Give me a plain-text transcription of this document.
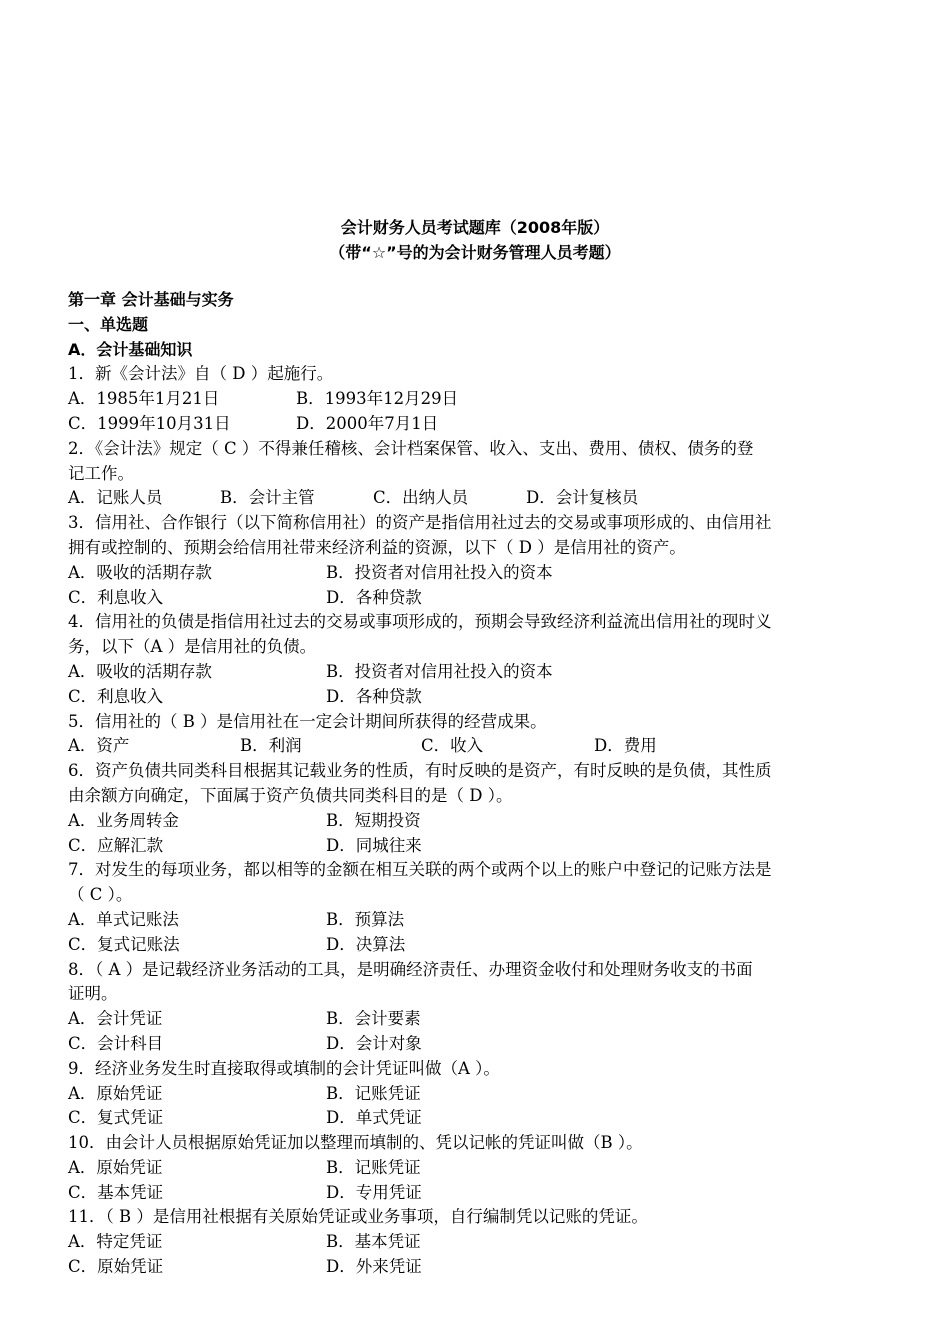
会计财务人员考试题库（2008年版）
（带“☆”号的为会计财务管理人员考题）
第一章 会计基础与实务
一、单选题
A．会计基础知识
1．新《会计法》自（ D ）起施行。
A．1985年1月21日	B．1993年12月29日
C．1999年10月31日	D．2000年7月1日
2．《会计法》规定（ C ）不得兼任稽核、会计档案保管、收入、支出、费用、债权、债务的登
记工作。
A．记账人员	B．会计主管	C．出纳人员	D．会计复核员
3．信用社、合作银行（以下简称信用社）的资产是指信用社过去的交易或事项形成的、由信用社
拥有或控制的、预期会给信用社带来经济利益的资源，以下（ D ）是信用社的资产。
A．吸收的活期存款	B．投资者对信用社投入的资本
C．利息收入	D．各种贷款
4．信用社的负债是指信用社过去的交易或事项形成的，预期会导致经济利益流出信用社的现时义
务，以下（A ）是信用社的负债。
A．吸收的活期存款	B．投资者对信用社投入的资本
C．利息收入	D．各种贷款
5．信用社的（ B ）是信用社在一定会计期间所获得的经营成果。
A．资产	B．利润	C．收入	D．费用
6．资产负债共同类科目根据其记载业务的性质，有时反映的是资产，有时反映的是负债，其性质
由余额方向确定，下面属于资产负债共同类科目的是（ D ）。
A．业务周转金	B．短期投资
C．应解汇款	D．同城往来
7．对发生的每项业务，都以相等的金额在相互关联的两个或两个以上的账户中登记的记账方法是
（ C ）。
A．单式记账法	B．预算法
C．复式记账法	D．决算法
8．（ A ）是记载经济业务活动的工具，是明确经济责任、办理资金收付和处理财务收支的书面
证明。
A．会计凭证	B．会计要素
C．会计科目	D．会计对象
9．经济业务发生时直接取得或填制的会计凭证叫做（A ）。
A．原始凭证	B．记账凭证
C．复式凭证	D．单式凭证
10．由会计人员根据原始凭证加以整理而填制的、凭以记帐的凭证叫做（B ）。
A．原始凭证	B．记账凭证
C．基本凭证	D．专用凭证
11．（ B ）是信用社根据有关原始凭证或业务事项，自行编制凭以记账的凭证。
A．特定凭证	B．基本凭证
C．原始凭证	D．外来凭证
